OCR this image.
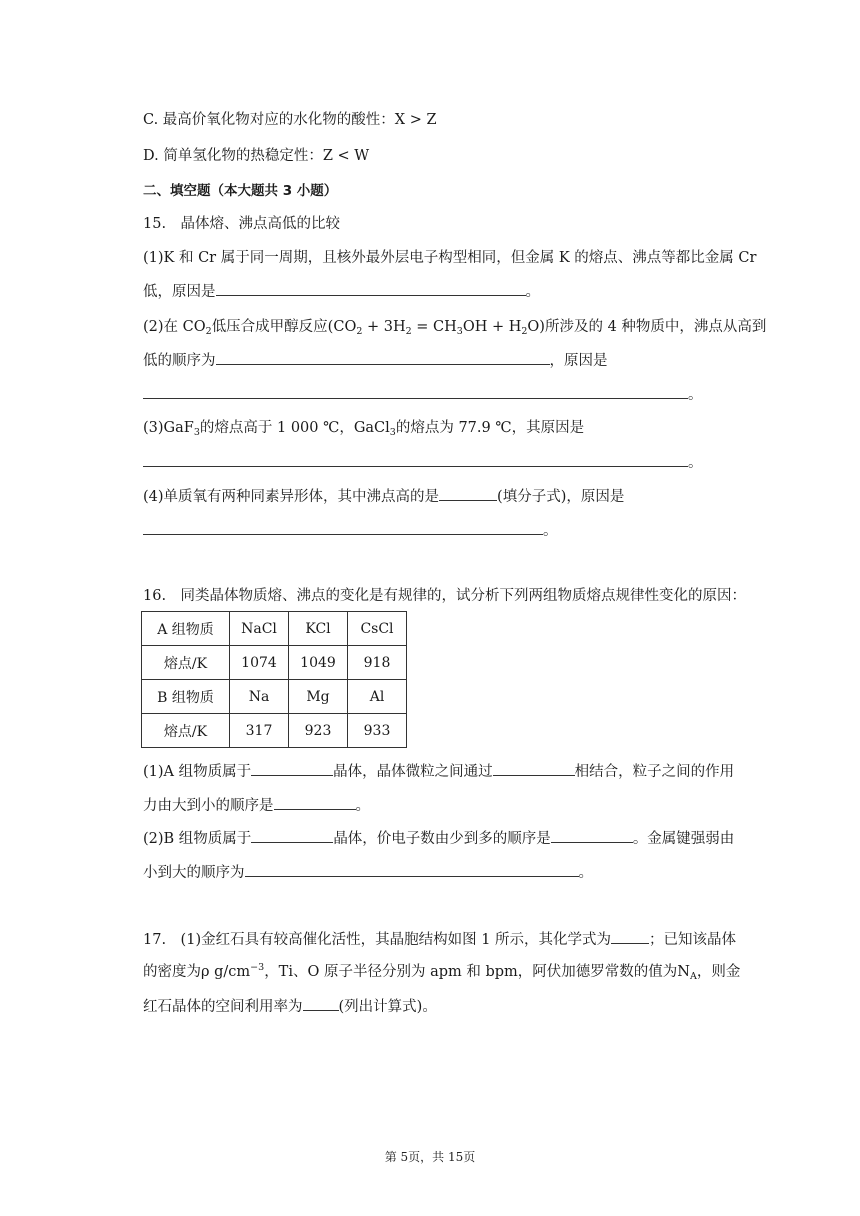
C. 最高价氧化物对应的水化物的酸性：X > Z
D. 简单氢化物的热稳定性：Z < W
二、填空题（本大题共 3 小题）
15.　晶体熔、沸点高低的比较
(1)K 和 Cr 属于同一周期，且核外最外层电子构型相同，但金属 K 的熔点、沸点等都比金属 Cr
低，原因是	。
(2)在 $CO_2$低压合成甲醇反应$(CO_2 + 3H_2 = CH_3OH + H_2O)$所涉及的 4 种物质中，沸点从高到
低的顺序为	，原因是
。
(3)GaF$_3$的熔点高于 1 000 ℃，GaCl$_3$的熔点为 77.9 ℃，其原因是
。
(4)单质氧有两种同素异形体，其中沸点高的是	(填分子式)，原因是
。
16.　同类晶体物质熔、沸点的变化是有规律的，试分析下列两组物质熔点规律性变化的原因：
A 组物质	NaCl	KCl	CsCl
熔点/K	1074	1049	918
B 组物质	Na	Mg	Al
熔点/K	317	923	933
(1)A 组物质属于	晶体，晶体微粒之间通过	相结合，粒子之间的作用
力由大到小的顺序是	。
(2)B 组物质属于	晶体，价电子数由少到多的顺序是	。金属键强弱由
小到大的顺序为	。
17.　(1)金红石具有较高催化活性，其晶胞结构如图 1 所示，其化学式为	；已知该晶体
的密度为ρ $g/cm^{-3}$，Ti、O 原子半径分别为 apm 和 bpm，阿伏加德罗常数的值为$N_A$，则金
红石晶体的空间利用率为 (列出计算式)。
第 5页，共 15页
